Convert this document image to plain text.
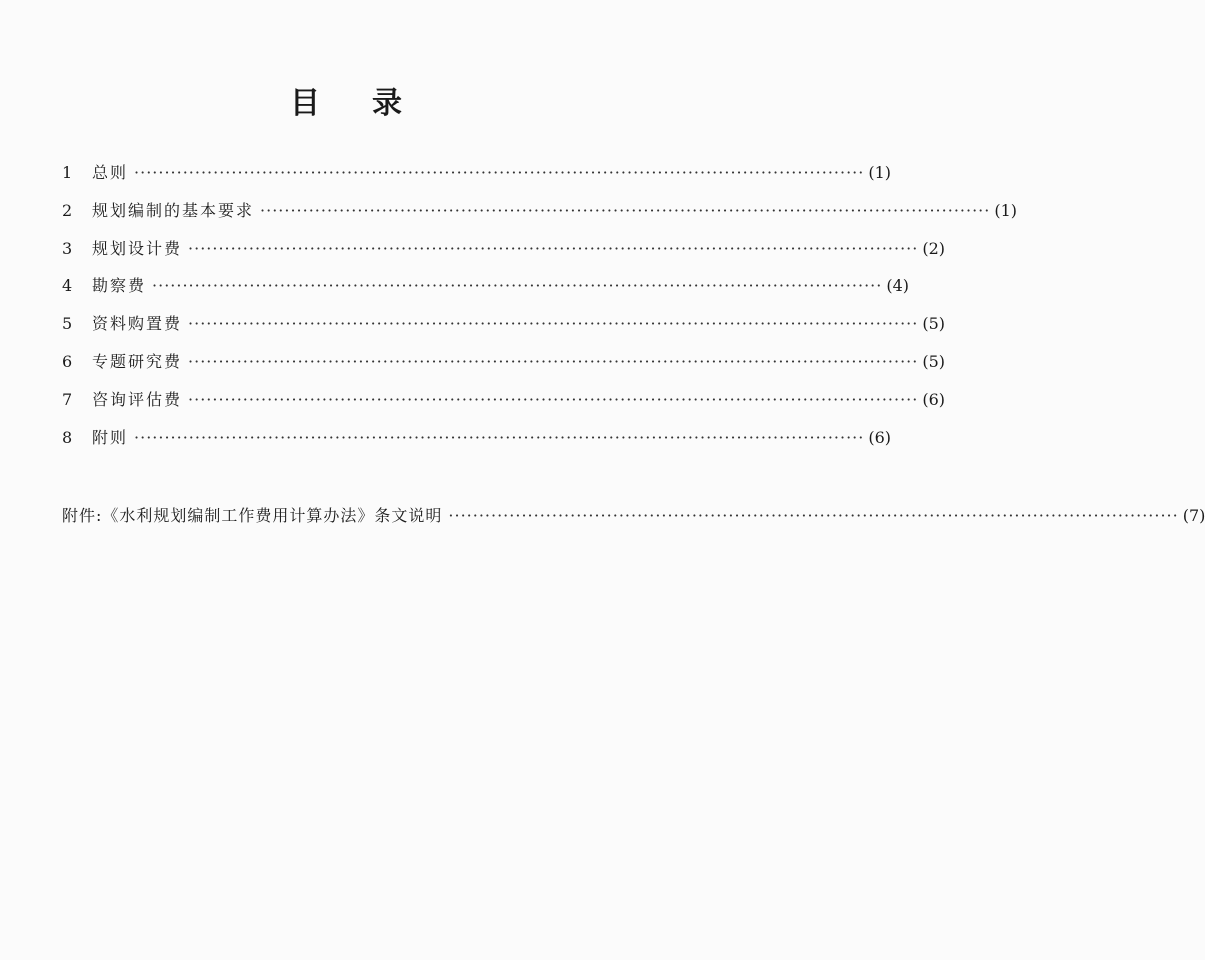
目 录
1	总则 ························································································································ (1)
2	规划编制的基本要求 ························································································································ (1)
3	规划设计费 ························································································································ (2)
4	勘察费 ························································································································ (4)
5	资料购置费 ························································································································ (5)
6	专题研究费 ························································································································ (5)
7	咨询评估费 ························································································································ (6)
8	附则 ························································································································ (6)
附件:《水利规划编制工作费用计算办法》条文说明 ························································································································ (7)
